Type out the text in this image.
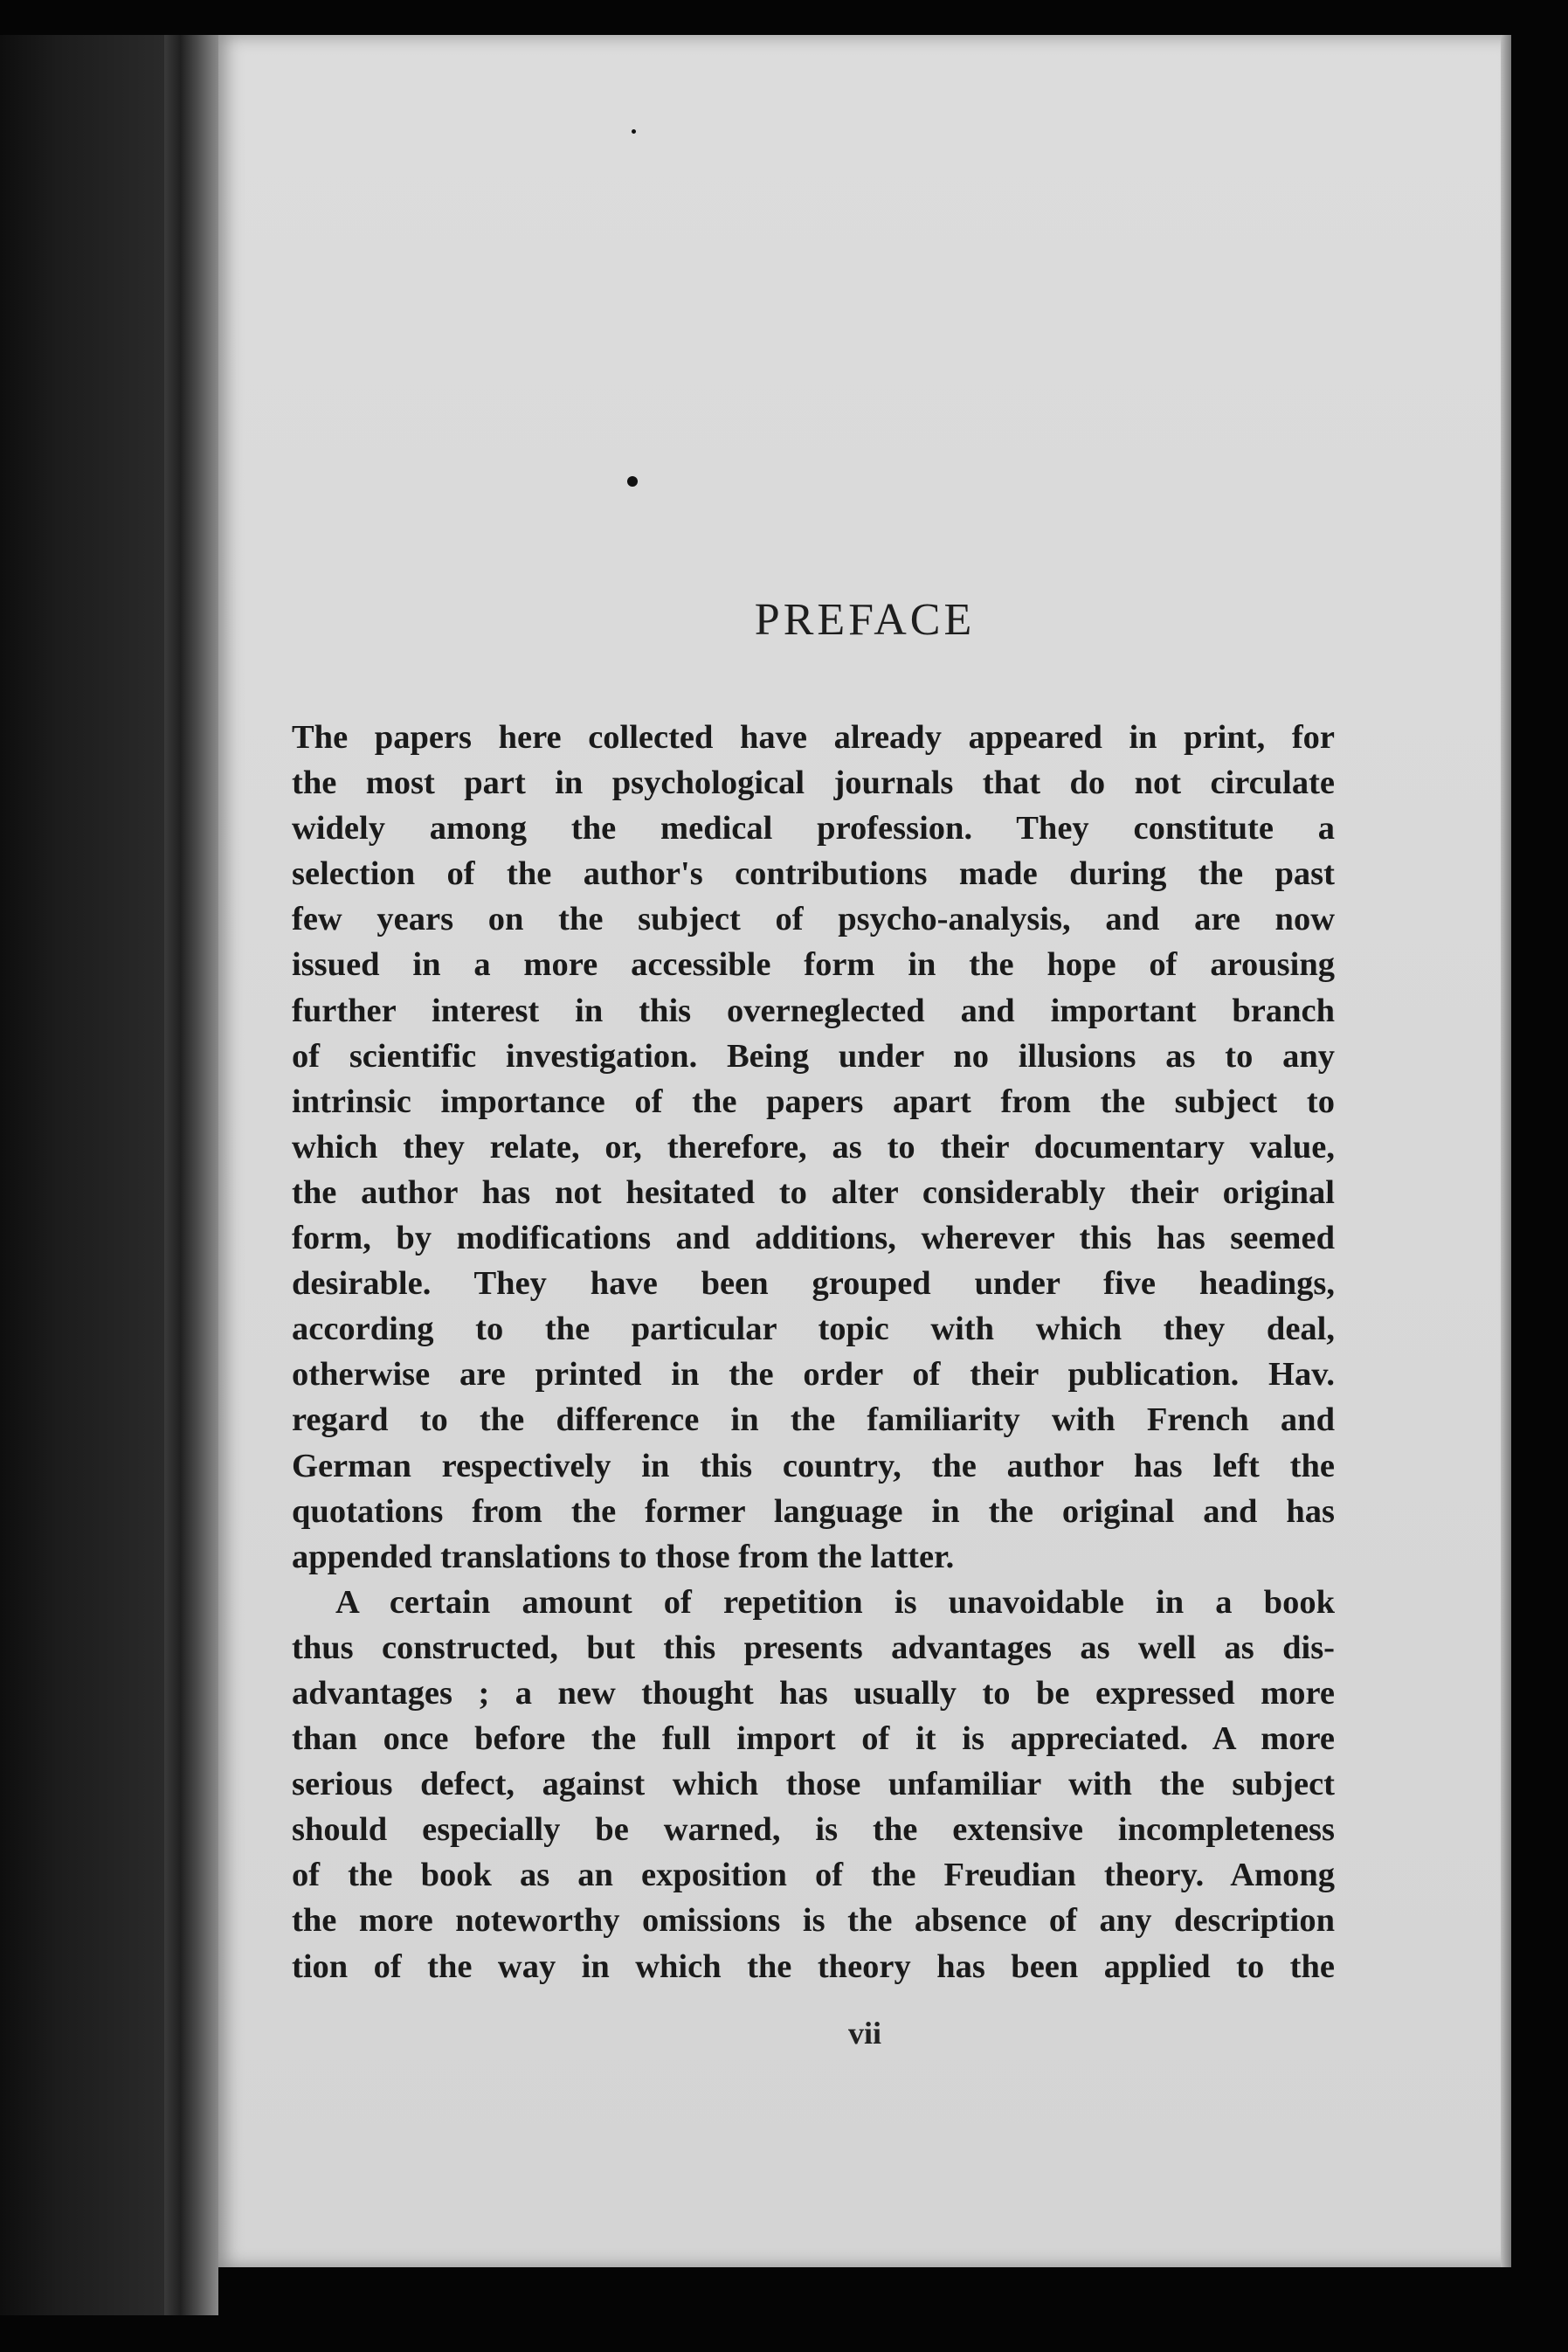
PREFACE

The papers here collected have already appeared in print, for
the most part in psychological journals that do not circulate
widely among the medical profession. They constitute a
selection of the author's contributions made during the past
few years on the subject of psycho-analysis, and are now
issued in a more accessible form in the hope of arousing
further interest in this overneglected and important branch
of scientific investigation. Being under no illusions as to any
intrinsic importance of the papers apart from the subject to
which they relate, or, therefore, as to their documentary value,
the author has not hesitated to alter considerably their original
form, by modifications and additions, wherever this has seemed
desirable. They have been grouped under five headings,
according to the particular topic with which they deal,
otherwise are printed in the order of their publication. Hav.
regard to the difference in the familiarity with French and
German respectively in this country, the author has left the
quotations from the former language in the original and has
appended translations to those from the latter.

A certain amount of repetition is unavoidable in a book
thus constructed, but this presents advantages as well as dis-
advantages ; a new thought has usually to be expressed more
than once before the full import of it is appreciated. A more
serious defect, against which those unfamiliar with the subject
should especially be warned, is the extensive incompleteness
of the book as an exposition of the Freudian theory. Among
the more noteworthy omissions is the absence of any description
tion of the way in which the theory has been applied to the

vii
